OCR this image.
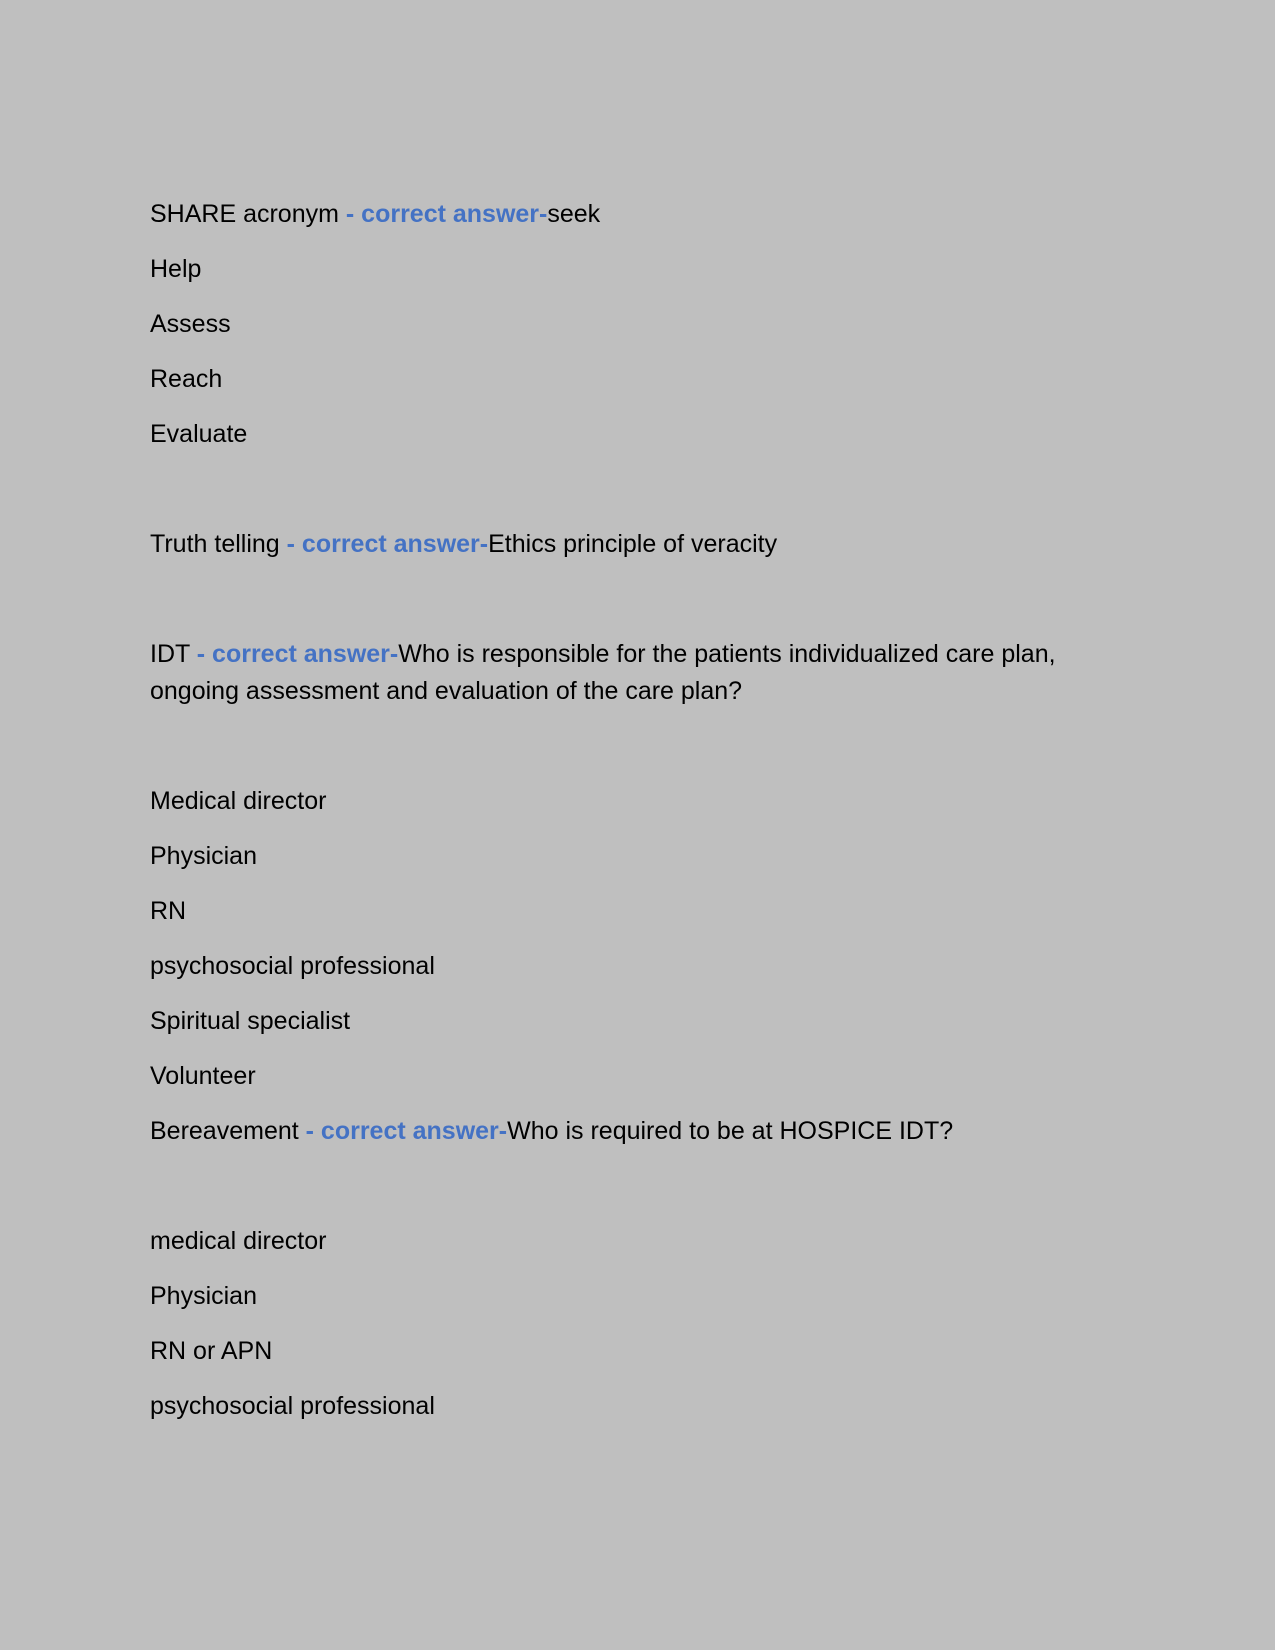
SHARE acronym - correct answer-seek

Help

Assess

Reach

Evaluate

Truth telling - correct answer-Ethics principle of veracity

IDT - correct answer-Who is responsible for the patients individualized care plan, ongoing assessment and evaluation of the care plan?

Medical director

Physician

RN

psychosocial professional

Spiritual specialist

Volunteer

Bereavement - correct answer-Who is required to be at HOSPICE IDT?

medical director

Physician

RN or APN

psychosocial professional
